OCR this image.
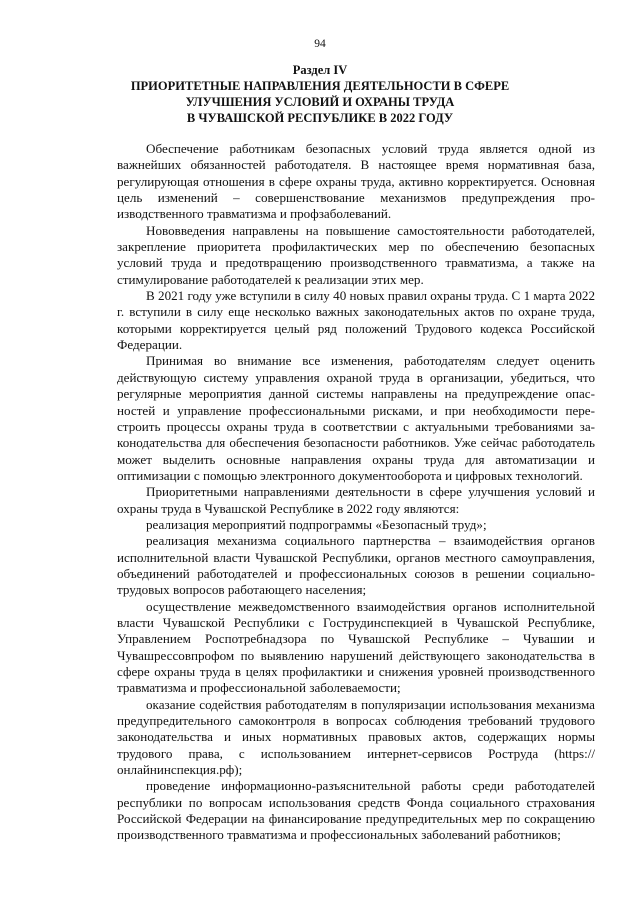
94
Раздел IV
ПРИОРИТЕТНЫЕ НАПРАВЛЕНИЯ ДЕЯТЕЛЬНОСТИ В СФЕРЕ
УЛУЧШЕНИЯ УСЛОВИЙ И ОХРАНЫ ТРУДА
В ЧУВАШСКОЙ РЕСПУБЛИКЕ В 2022 ГОДУ

Обеспечение работникам безопасных условий труда является одной из важнейших обязанностей работодателя. В настоящее время нормативная база, регулирующая отношения в сфере охраны труда, активно корректируется. Основная цель изменений – совершенствование механизмов предупреждения производственного травматизма и профзаболеваний.

Нововведения направлены на повышение самостоятельности работодателей, закрепление приоритета профилактических мер по обеспечению безопасных условий труда и предотвращению производственного травматизма, а также на стимулирование работодателей к реализации этих мер.

В 2021 году уже вступили в силу 40 новых правил охраны труда. С 1 марта 2022 г. вступили в силу еще несколько важных законодательных актов по охране труда, которыми корректируется целый ряд положений Трудового кодекса Российской Федерации.

Принимая во внимание все изменения, работодателям следует оценить действующую систему управления охраной труда в организации, убедиться, что регулярные мероприятия данной системы направлены на предупреждение опасностей и управление профессиональными рисками, и при необходимости перестроить процессы охраны труда в соответствии с актуальными требованиями законодательства для обеспечения безопасности работников. Уже сейчас работодатель может выделить основные направления охраны труда для автоматизации и оптимизации с помощью электронного документооборота и цифровых технологий.

Приоритетными направлениями деятельности в сфере улучшения условий и охраны труда в Чувашской Республике в 2022 году являются:

реализация мероприятий подпрограммы «Безопасный труд»;

реализация механизма социального партнерства – взаимодействия органов исполнительной власти Чувашской Республики, органов местного самоуправления, объединений работодателей и профессиональных союзов в решении социально-трудовых вопросов работающего населения;

осуществление межведомственного взаимодействия органов исполнительной власти Чувашской Республики с Гострудинспекцией в Чувашской Республике, Управлением Роспотребнадзора по Чувашской Республике – Чувашии и Чувашрессовпрофом по выявлению нарушений действующего законодательства в сфере охраны труда в целях профилактики и снижения уровней производственного травматизма и профессиональной заболеваемости;

оказание содействия работодателям в популяризации использования механизма предупредительного самоконтроля в вопросах соблюдения требований трудового законодательства и иных нормативных правовых актов, содержащих нормы трудового права, с использованием интернет-сервисов Роструда (https://онлайнинспекция.рф);

проведение информационно-разъяснительной работы среди работодателей республики по вопросам использования средств Фонда социального страхования Российской Федерации на финансирование предупредительных мер по сокращению производственного травматизма и профессиональных заболеваний работников;
